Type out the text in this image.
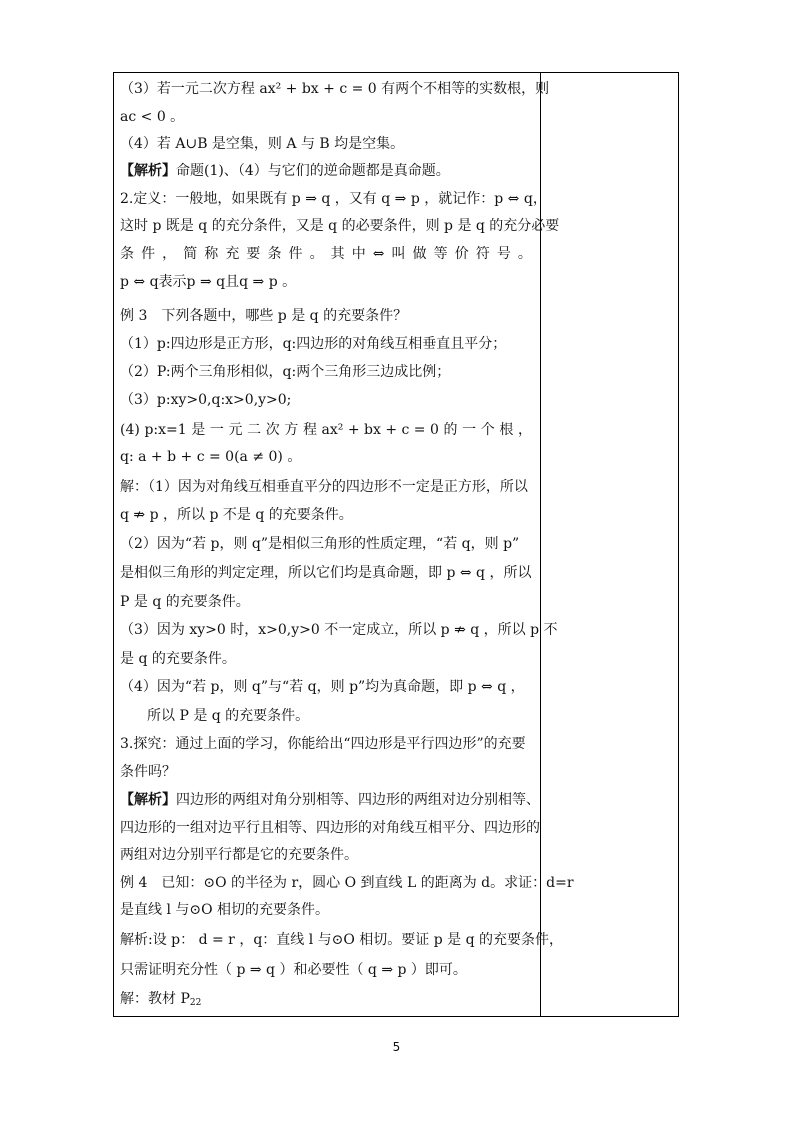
（3）若一元二次方程 ax² + bx + c = 0 有两个不相等的实数根，则
ac < 0 。
（4）若 A∪B 是空集，则 A 与 B 均是空集。
【解析】命题(1)、（4）与它们的逆命题都是真命题。
2.定义：一般地，如果既有 p ⇒ q ，又有 q ⇒ p ，就记作：p ⇔ q，
这时 p 既是 q 的充分条件，又是 q 的必要条件，则 p 是 q 的充分必要
条 件 ， 简 称 充 要 条 件 。 其 中 ⇔ 叫 做 等 价 符 号 。
p ⇔ q表示p ⇒ q且q ⇒ p 。
例 3　下列各题中，哪些 p 是 q 的充要条件？
（1）p:四边形是正方形，q:四边形的对角线互相垂直且平分；
（2）P:两个三角形相似，q:两个三角形三边成比例；
（3）p:xy>0,q:x>0,y>0;
(4) p:x=1 是 一 元 二 次 方 程 ax² + bx + c = 0 的 一 个 根 ，
q: a + b + c = 0(a ≠ 0) 。
解：（1）因为对角线互相垂直平分的四边形不一定是正方形，所以
q ⇏ p ，所以 p 不是 q 的充要条件。
（2）因为“若 p，则 q”是相似三角形的性质定理，“若 q，则 p”
是相似三角形的判定定理，所以它们均是真命题，即 p ⇔ q ，所以
P 是 q 的充要条件。
（3）因为 xy>0 时，x>0,y>0 不一定成立，所以 p ⇏ q ，所以 p 不
是 q 的充要条件。
（4）因为“若 p，则 q”与“若 q，则 p”均为真命题，即 p ⇔ q ，
所以 P 是 q 的充要条件。
3.探究：通过上面的学习，你能给出“四边形是平行四边形”的充要
条件吗？
【解析】四边形的两组对角分别相等、四边形的两组对边分别相等、
四边形的一组对边平行且相等、四边形的对角线互相平分、四边形的
两组对边分别平行都是它的充要条件。
例 4　已知：⊙O 的半径为 r，圆心 O 到直线 L 的距离为 d。求证：d=r
是直线 l 与⊙O 相切的充要条件。
解析:设 p： d = r ，q：直线 l 与⊙O 相切。要证 p 是 q 的充要条件，
只需证明充分性（ p ⇒ q ）和必要性（ q ⇒ p ）即可。
解：教材 $P_{22}$
5
